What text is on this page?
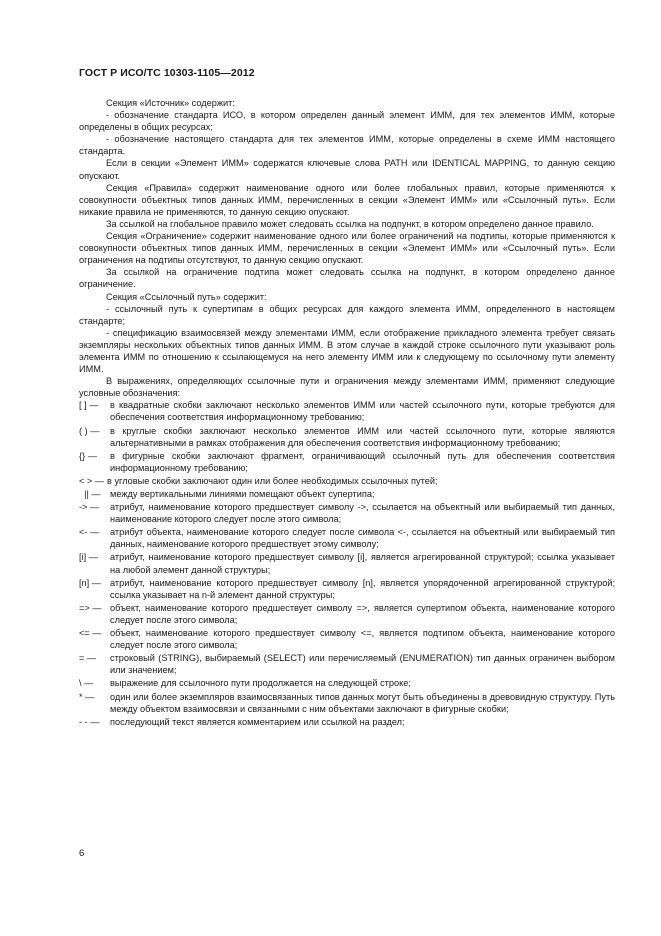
ГОСТ Р ИСО/ТС 10303-1105—2012

Секция «Источник» содержит:

- обозначение стандарта ИСО, в котором определен данный элемент ИММ, для тех элементов ИММ, которые определены в общих ресурсах;

- обозначение настоящего стандарта для тех элементов ИММ, которые определены в схеме ИММ настоящего стандарта.

Если в секции «Элемент ИММ» содержатся ключевые слова PATH или IDENTICAL MAPPING, то данную секцию опускают.

Секция «Правила» содержит наименование одного или более глобальных правил, которые применяются к совокупности объектных типов данных ИММ, перечисленных в секции «Элемент ИММ» или «Ссылочный путь». Если никакие правила не применяются, то данную секцию опускают.

За ссылкой на глобальное правило может следовать ссылка на подпункт, в котором определено данное правило.

Секция «Ограничение» содержит наименование одного или более ограничений на подтипы, которые применяются к совокупности объектных типов данных ИММ, перечисленных в секции «Элемент ИММ» или «Ссылочный путь». Если ограничения на подтипы отсутствуют, то данную секцию опускают.

За ссылкой на ограничение подтипа может следовать ссылка на подпункт, в котором определено данное ограничение.

Секция «Ссылочный путь» содержит:

- ссылочный путь к супертипам в общих ресурсах для каждого элемента ИММ, определенного в настоящем стандарте;

- спецификацию взаимосвязей между элементами ИММ, если отображение прикладного элемента требует связать экземпляры нескольких объектных типов данных ИММ. В этом случае в каждой строке ссылочного пути указывают роль элемента ИММ по отношению к ссылающемуся на него элементу ИММ или к следующему по ссылочному пути элементу ИММ.

В выражениях, определяющих ссылочные пути и ограничения между элементами ИММ, применяют следующие условные обозначения:

[ ] —	в квадратные скобки заключают несколько элементов ИММ или частей ссылочного пути, которые требуются для обеспечения соответствия информационному требованию;
( ) —	в круглые скобки заключают несколько элементов ИММ или частей ссылочного пути, которые являются альтернативными в рамках отображения для обеспечения соответствия информационному требованию;
{} —	в фигурные скобки заключают фрагмент, ограничивающий ссылочный путь для обеспечения соответствия информационному требованию;
< > — в угловые скобки заключают один или более необходимых ссылочных путей;
|| —	между вертикальными линиями помещают объект супертипа;
-> —	атрибут, наименование которого предшествует символу ->, ссылается на объектный или выбираемый тип данных, наименование которого следует после этого символа;
<- —	атрибут объекта, наименование которого следует после символа <-, ссылается на объектный или выбираемый тип данных, наименование которого предшествует этому символу;
[i] —	атрибут, наименование которого предшествует символу [i], является агрегированной структурой; ссылка указывает на любой элемент данной структуры;
[n] — атрибут, наименование которого предшествует символу [n], является упорядоченной агрегированной структурой; ссылка указывает на n-й элемент данной структуры;
=> — объект, наименование которого предшествует символу =>, является супертипом объекта, наименование которого следует после этого символа;
<= — объект, наименование которого предшествует символу <=, является подтипом объекта, наименование которого следует после этого символа;
= —	строковый (STRING), выбираемый (SELECT) или перечисляемый (ENUMERATION) тип данных ограничен выбором или значением;
\ —	выражение для ссылочного пути продолжается на следующей строке;
* —	один или более экземпляров взаимосвязанных типов данных могут быть объединены в древовидную структуру. Путь между объектом взаимосвязи и связанными с ним объектами заключают в фигурные скобки;
- - —	последующий текст является комментарием или ссылкой на раздел;
6
